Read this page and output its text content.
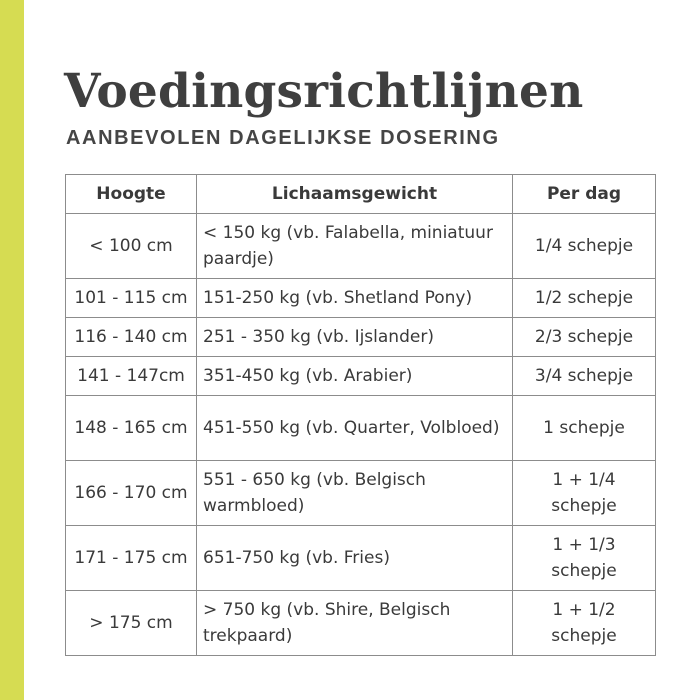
Voedingsrichtlijnen
AANBEVOLEN DAGELIJKSE DOSERING
Hoogte	Lichaamsgewicht	Per dag
< 100 cm	< 150 kg (vb. Falabella, miniatuur paardje)	1/4 schepje
101 - 115 cm	151-250 kg (vb. Shetland Pony)	1/2 schepje
116 - 140 cm	251 - 350 kg (vb. Ijslander)	2/3 schepje
141 - 147cm	351-450 kg (vb. Arabier)	3/4 schepje
148 - 165 cm	451-550 kg (vb. Quarter, Volbloed)	1 schepje
166 - 170 cm	551 - 650 kg (vb. Belgisch warmbloed)	1 + 1/4 schepje
171 - 175 cm	651-750 kg (vb. Fries)	1 + 1/3 schepje
> 175 cm	> 750 kg (vb. Shire, Belgisch trekpaard)	1 + 1/2 schepje
